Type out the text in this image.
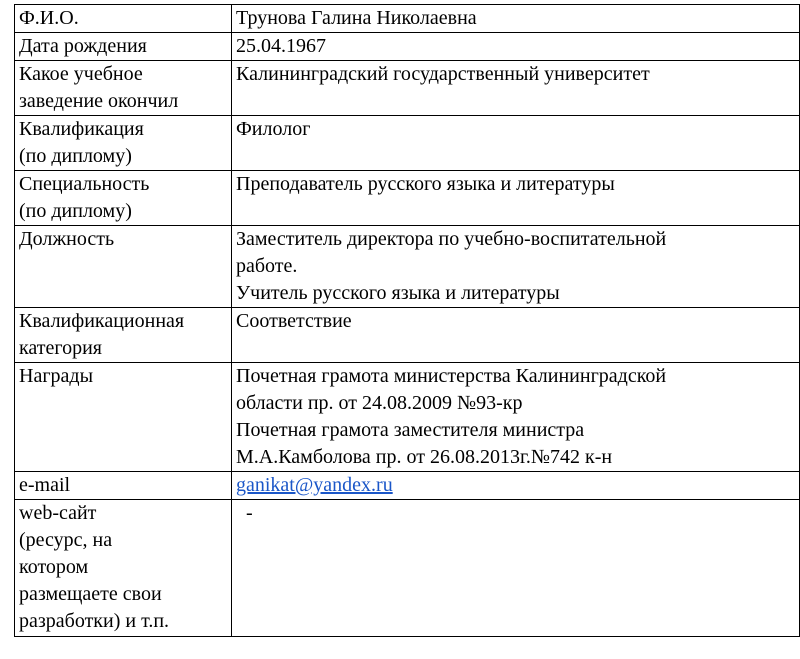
Ф.И.О.	Трунова Галина Николаевна

Дата рождения	25.04.1967

Какое учебное
заведение окончил	Калининградский государственный университет

Квалификация
(по диплому)	Филолог

Специальность
(по диплому)	Преподаватель русского языка и литературы

Должность	Заместитель директора по учебно-воспитательной
работе.
Учитель русского языка и литературы

Квалификационная
категория	Соответствие

Награды	Почетная грамота министерства Калининградской
области пр. от 24.08.2009 №93-кр
Почетная грамота заместителя министра
М.А.Камболова пр. от 26.08.2013г.№742 к-н

e-mail	ganikat@yandex.ru

web-сайт
(ресурс, на
котором
размещаете свои
разработки) и т.п.	-
